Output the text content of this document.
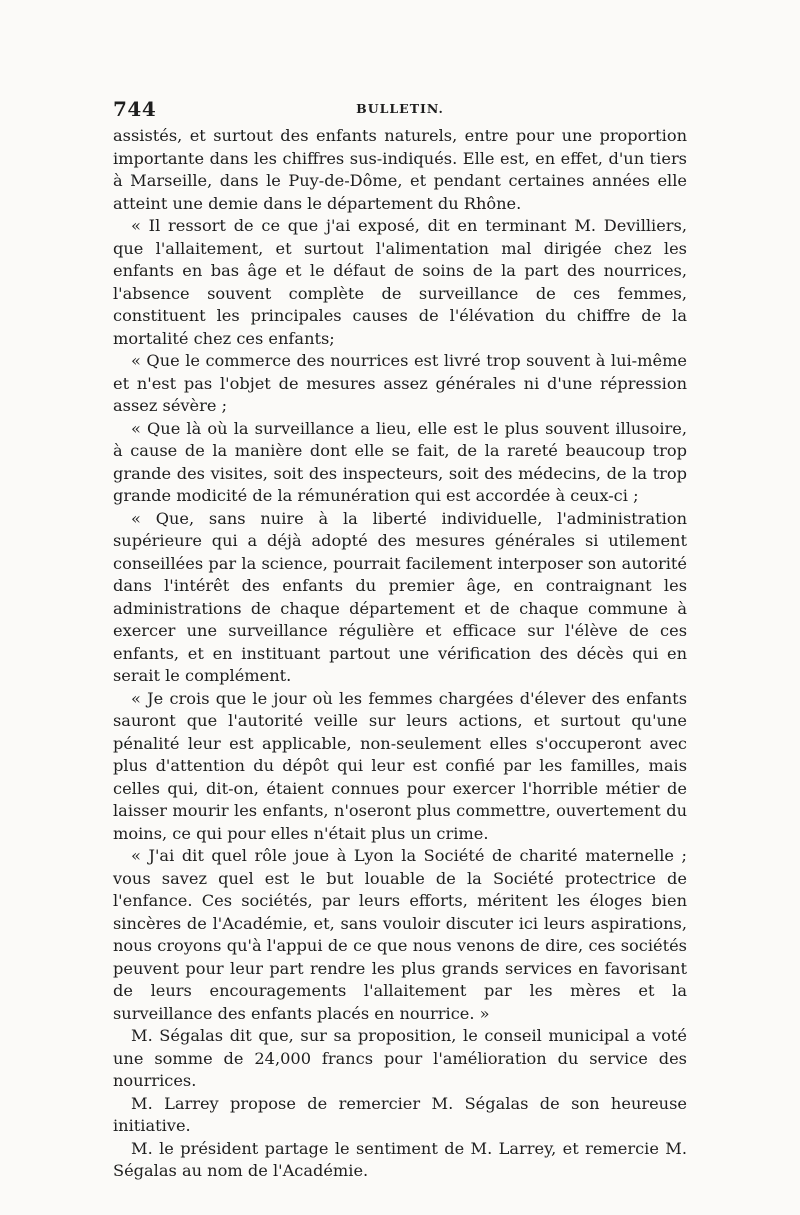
744	BULLETIN.

assistés, et surtout des enfants naturels, entre pour une proportion importante dans les chiffres sus-indiqués. Elle est, en effet, d'un tiers à Marseille, dans le Puy-de-Dôme, et pendant certaines années elle atteint une demie dans le département du Rhône.

« Il ressort de ce que j'ai exposé, dit en terminant M. Devilliers, que l'allaitement, et surtout l'alimentation mal dirigée chez les enfants en bas âge et le défaut de soins de la part des nourrices, l'absence souvent complète de surveillance de ces femmes, constituent les principales causes de l'élévation du chiffre de la mortalité chez ces enfants;

« Que le commerce des nourrices est livré trop souvent à lui-même et n'est pas l'objet de mesures assez générales ni d'une répression assez sévère ;

« Que là où la surveillance a lieu, elle est le plus souvent illusoire, à cause de la manière dont elle se fait, de la rareté beaucoup trop grande des visites, soit des inspecteurs, soit des médecins, de la trop grande modicité de la rémunération qui est accordée à ceux-ci ;

« Que, sans nuire à la liberté individuelle, l'administration supérieure qui a déjà adopté des mesures générales si utilement conseillées par la science, pourrait facilement interposer son autorité dans l'intérêt des enfants du premier âge, en contraignant les administrations de chaque département et de chaque commune à exercer une surveillance régulière et efficace sur l'élève de ces enfants, et en instituant partout une vérification des décès qui en serait le complément.

« Je crois que le jour où les femmes chargées d'élever des enfants sauront que l'autorité veille sur leurs actions, et surtout qu'une pénalité leur est applicable, non-seulement elles s'occuperont avec plus d'attention du dépôt qui leur est confié par les familles, mais celles qui, dit-on, étaient connues pour exercer l'horrible métier de laisser mourir les enfants, n'oseront plus commettre, ouvertement du moins, ce qui pour elles n'était plus un crime.

« J'ai dit quel rôle joue à Lyon la Société de charité maternelle ; vous savez quel est le but louable de la Société protectrice de l'enfance. Ces sociétés, par leurs efforts, méritent les éloges bien sincères de l'Académie, et, sans vouloir discuter ici leurs aspirations, nous croyons qu'à l'appui de ce que nous venons de dire, ces sociétés peuvent pour leur part rendre les plus grands services en favorisant de leurs encouragements l'allaitement par les mères et la surveillance des enfants placés en nourrice. »

M. Ségalas dit que, sur sa proposition, le conseil municipal a voté une somme de 24,000 francs pour l'amélioration du service des nourrices.

M. Larrey propose de remercier M. Ségalas de son heureuse initiative.

M. le président partage le sentiment de M. Larrey, et remercie M. Ségalas au nom de l'Académie.
